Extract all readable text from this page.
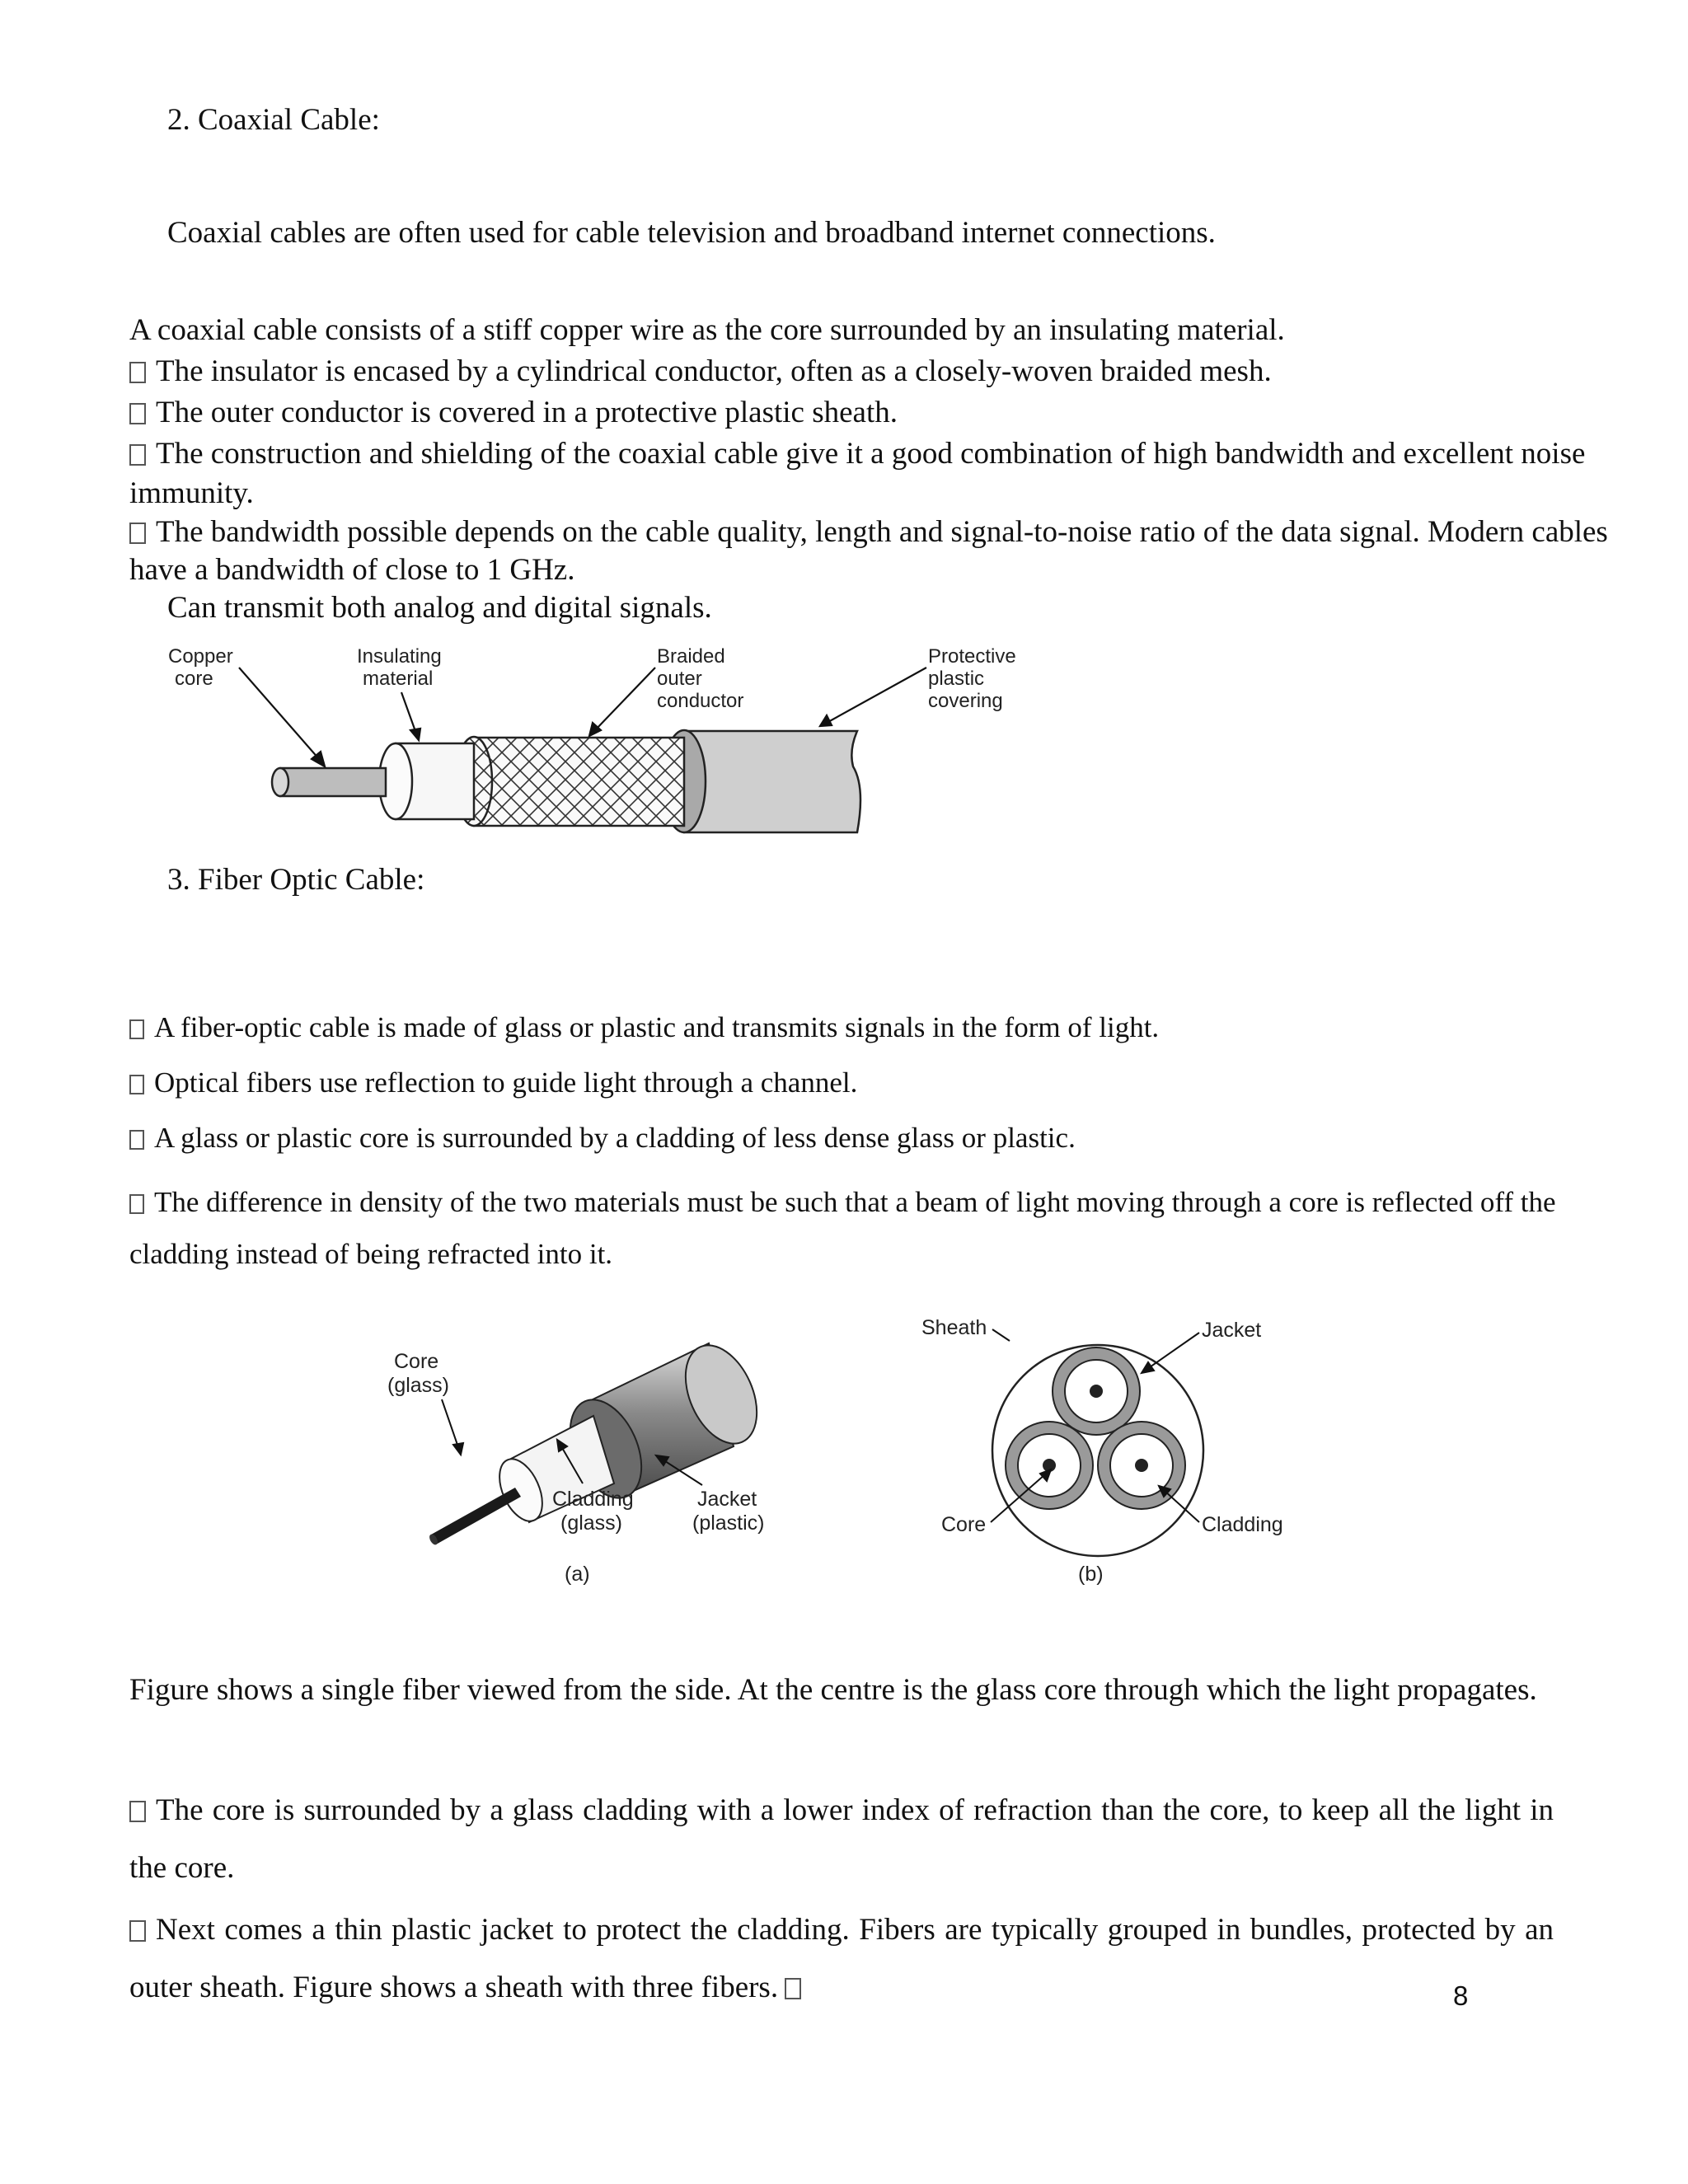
2. Coaxial Cable:
Coaxial cables are often used for cable television and broadband internet connections.
A coaxial cable consists of a stiff copper wire as the core surrounded by an insulating material.
The insulator is encased by a cylindrical conductor, often as a closely-woven braided mesh.
The outer conductor is covered in a protective plastic sheath.
The construction and shielding of the coaxial cable give it a good combination of high bandwidth and excellent noise immunity.
The bandwidth possible depends on the cable quality, length and signal-to-noise ratio of the data signal. Modern cables have a bandwidth of close to 1 GHz.
Can transmit both analog and digital signals.
Copper
core
Insulating
material
Braided
outer
conductor
Protective
plastic
covering
3. Fiber Optic Cable:
A fiber-optic cable is made of glass or plastic and transmits signals in the form of light.
Optical fibers use reflection to guide light through a channel.
A glass or plastic core is surrounded by a cladding of less dense glass or plastic.
The difference in density of the two materials must be such that a beam of light moving through a core is reflected off the cladding instead of being refracted into it.
Core
(glass)
Cladding
(glass)
Jacket
(plastic)
(a)
Sheath	Jacket
Core	Cladding
(b)
Figure shows a single fiber viewed from the side. At the centre is the glass core through which the light propagates.
The core is surrounded by a glass cladding with a lower index of refraction than the core, to keep all the light in the core.
Next comes a thin plastic jacket to protect the cladding. Fibers are typically grouped in bundles, protected by an outer sheath. Figure shows a sheath with three fibers.	8
